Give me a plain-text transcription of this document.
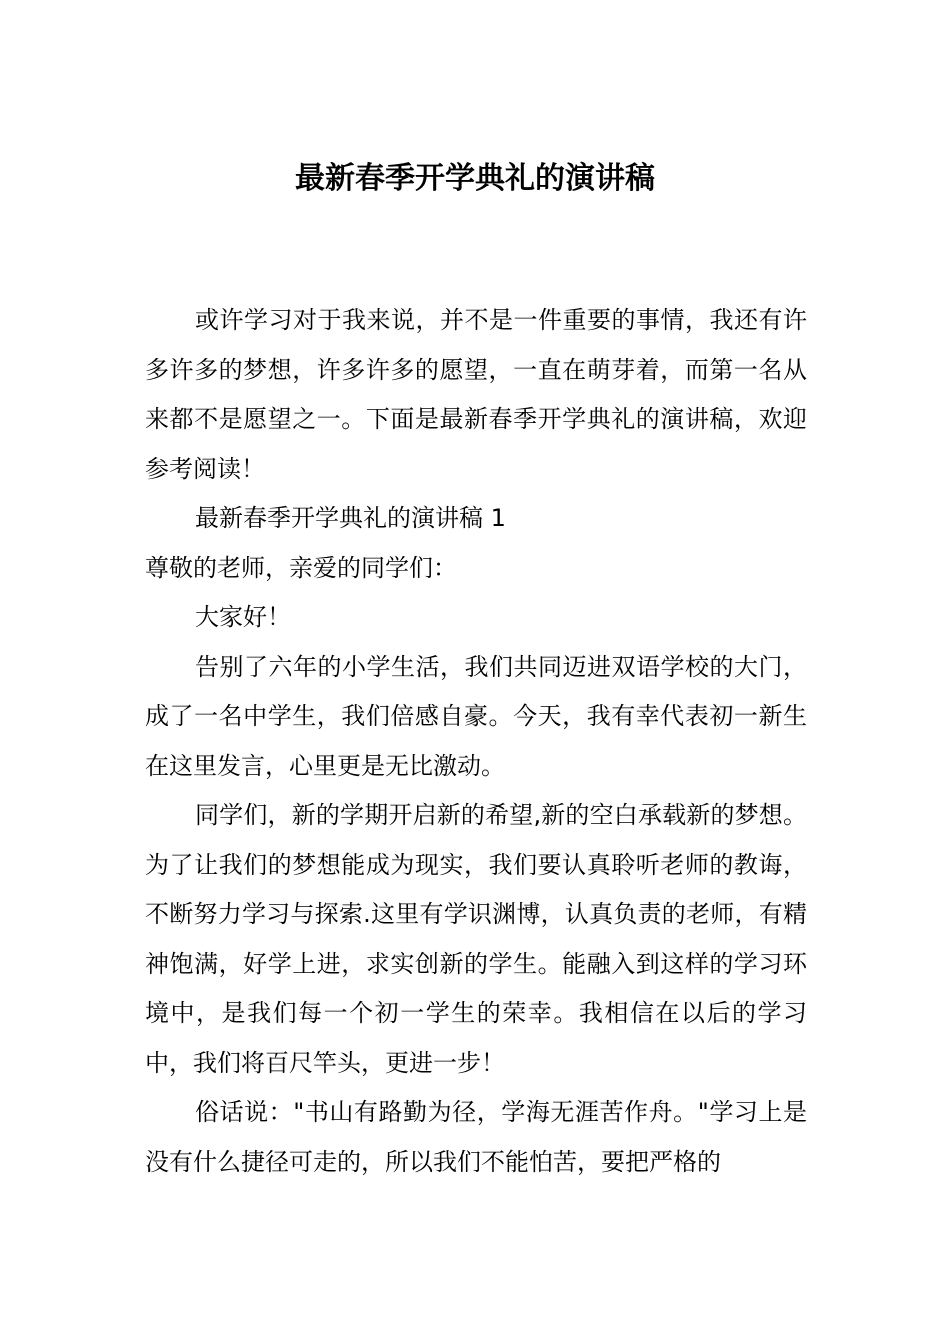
最新春季开学典礼的演讲稿

或许学习对于我来说，并不是一件重要的事情，我还有许多许多的梦想，许多许多的愿望，一直在萌芽着，而第一名从来都不是愿望之一。下面是最新春季开学典礼的演讲稿，欢迎参考阅读！

最新春季开学典礼的演讲稿 1

尊敬的老师，亲爱的同学们：

大家好！

告别了六年的小学生活，我们共同迈进双语学校的大门，成了一名中学生，我们倍感自豪。今天，我有幸代表初一新生在这里发言，心里更是无比激动。

同学们，新的学期开启新的希望,新的空白承载新的梦想。为了让我们的梦想能成为现实，我们要认真聆听老师的教诲，不断努力学习与探索.这里有学识渊博，认真负责的老师，有精神饱满，好学上进，求实创新的学生。能融入到这样的学习环境中，是我们每一个初一学生的荣幸。我相信在以后的学习中，我们将百尺竿头，更进一步！

俗话说："书山有路勤为径，学海无涯苦作舟。"学习上是没有什么捷径可走的，所以我们不能怕苦，要把严格的
